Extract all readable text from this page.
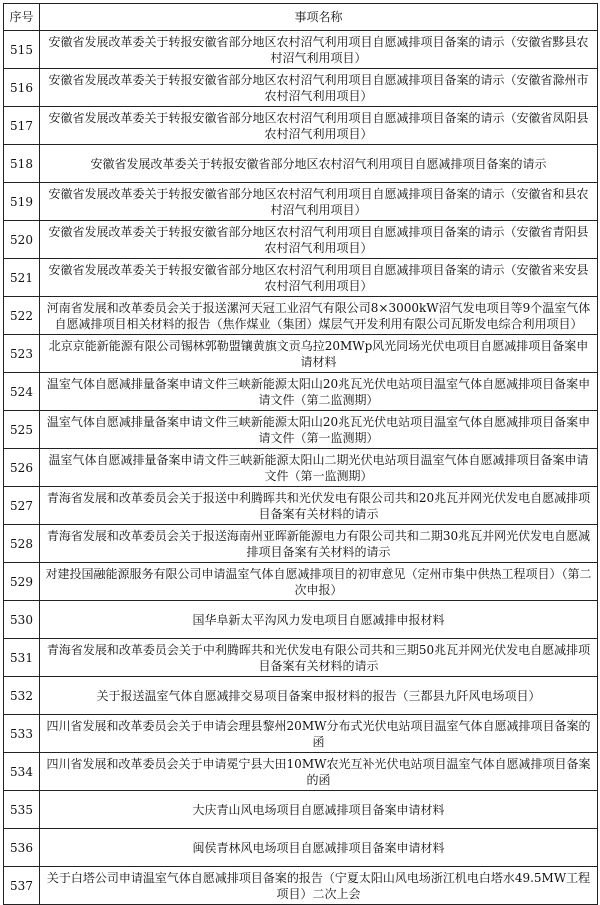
序号	事项名称
515	安徽省发展改革委关于转报安徽省部分地区农村沼气利用项目自愿减排项目备案的请示（安徽省黟县农村沼气利用项目）
516	安徽省发展改革委关于转报安徽省部分地区农村沼气利用项目自愿减排项目备案的请示（安徽省滁州市农村沼气利用项目）
517	安徽省发展改革委关于转报安徽省部分地区农村沼气利用项目自愿减排项目备案的请示（安徽省凤阳县农村沼气利用项目）
518	安徽省发展改革委关于转报安徽省部分地区农村沼气利用项目自愿减排项目备案的请示
519	安徽省发展改革委关于转报安徽省部分地区农村沼气利用项目自愿减排项目备案的请示（安徽省和县农村沼气利用项目）
520	安徽省发展改革委关于转报安徽省部分地区农村沼气利用项目自愿减排项目备案的请示（安徽省青阳县农村沼气利用项目）
521	安徽省发展改革委关于转报安徽省部分地区农村沼气利用项目自愿减排项目备案的请示（安徽省来安县农村沼气利用项目）
522	河南省发展和改革委员会关于报送漯河天冠工业沼气有限公司8×3000kW沼气发电项目等9个温室气体自愿减排项目相关材料的报告（焦作煤业（集团）煤层气开发利用有限公司瓦斯发电综合利用项目）
523	北京京能新能源有限公司锡林郭勒盟镶黄旗文贡乌拉20MWp风光同场光伏电项目自愿减排项目备案申请材料
524	温室气体自愿减排量备案申请文件三峡新能源太阳山20兆瓦光伏电站项目温室气体自愿减排项目备案申请文件（第二监测期）
525	温室气体自愿减排量备案申请文件三峡新能源太阳山20兆瓦光伏电站项目温室气体自愿减排项目备案申请文件（第一监测期）
526	温室气体自愿减排量备案申请文件三峡新能源太阳山二期光伏电站项目温室气体自愿减排项目备案申请文件（第一监测期）
527	青海省发展和改革委员会关于报送中利腾晖共和光伏发电有限公司共和20兆瓦并网光伏发电自愿减排项目备案有关材料的请示
528	青海省发展和改革委员会关于报送海南州亚晖新能源电力有限公司共和二期30兆瓦并网光伏发电自愿减排项目备案有关材料的请示
529	对建投国融能源服务有限公司申请温室气体自愿减排项目的初审意见（定州市集中供热工程项目）（第二次申报）
530	国华阜新太平沟风力发电项目自愿减排申报材料
531	青海省发展和改革委员会关于中利腾晖共和光伏发电有限公司共和三期50兆瓦并网光伏发电自愿减排项目备案有关材料的请示
532	关于报送温室气体自愿减排交易项目备案申报材料的报告（三都县九阡风电场项目）
533	四川省发展和改革委员会关于申请会理县黎州20MW分布式光伏电站项目温室气体自愿减排项目备案的函
534	四川省发展和改革委员会关于申请冕宁县大田10MW农光互补光伏电站项目温室气体自愿减排项目备案的函
535	大庆青山风电场项目自愿减排项目备案申请材料
536	闽侯青林风电场项目自愿减排项目备案申请材料
537	关于白塔公司申请温室气体自愿减排项目备案的报告（宁夏太阳山风电场浙江机电白塔水49.5MW工程项目）二次上会
